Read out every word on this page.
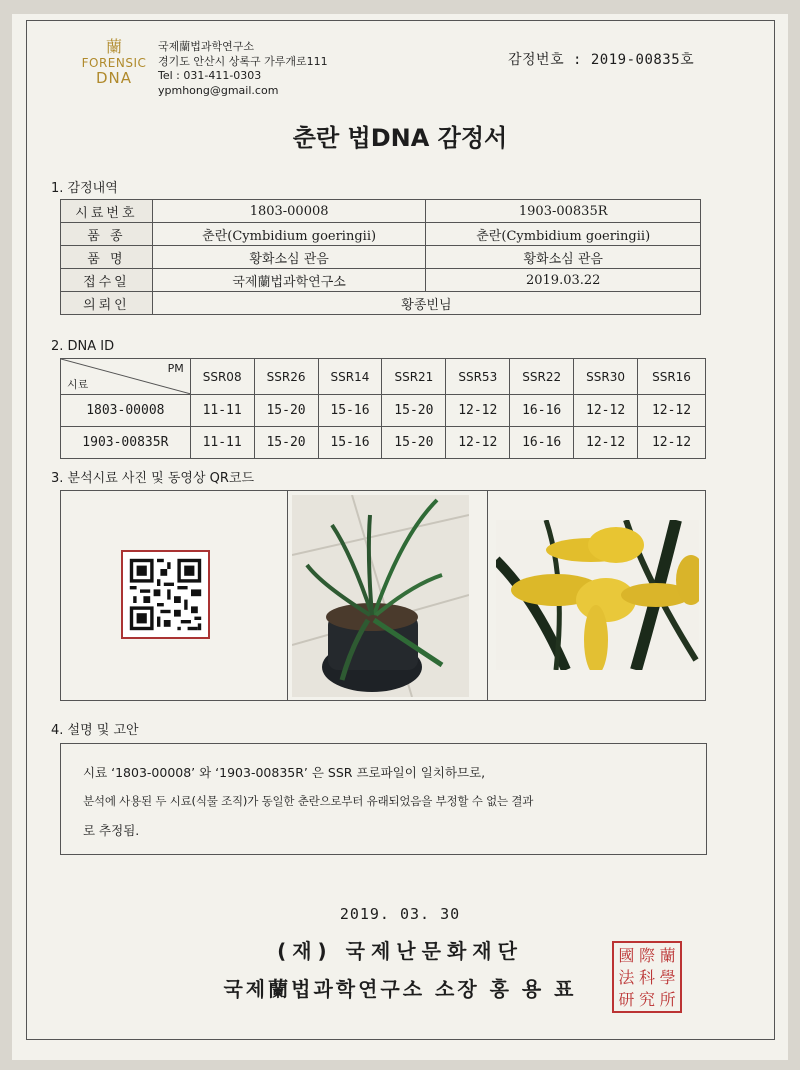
蘭
FORENSIC
DNA
국제蘭법과학연구소
경기도 안산시 상록구 가루개로111
Tel : 031-411-0303
ypmhong@gmail.com
감정번호 : 2019-00835호
춘란 법DNA 감정서
1. 감정내역
시료번호	1803-00008	1903-00835R
품 종	춘란(Cymbidium goeringii)	춘란(Cymbidium goeringii)
품 명	황화소심 관음	황화소심 관음
접수일	국제蘭법과학연구소	2019.03.22
의뢰인	황종빈님	
2. DNA ID
PM
시료	SSR08	SSR26	SSR14	SSR21	SSR53	SSR22	SSR30	SSR16
1803-00008	11-11	15-20	15-16	15-20	12-12	16-16	12-12	12-12
1903-00835R	11-11	15-20	15-16	15-20	12-12	16-16	12-12	12-12
3. 분석시료 사진 및 동영상 QR코드
4. 설명 및 고안
시료 ‘1803-00008’ 와 ‘1903-00835R’ 은 SSR 프로파일이 일치하므로,
분석에 사용된 두 시료(식물 조직)가 동일한 춘란으로부터 유래되었음을 부정할 수 없는 결과
로 추정됨.
2019. 03. 30
(재) 국제난문화재단
국제蘭법과학연구소 소장 홍 용 표
國 際 蘭
法 科 學
研 究 所
